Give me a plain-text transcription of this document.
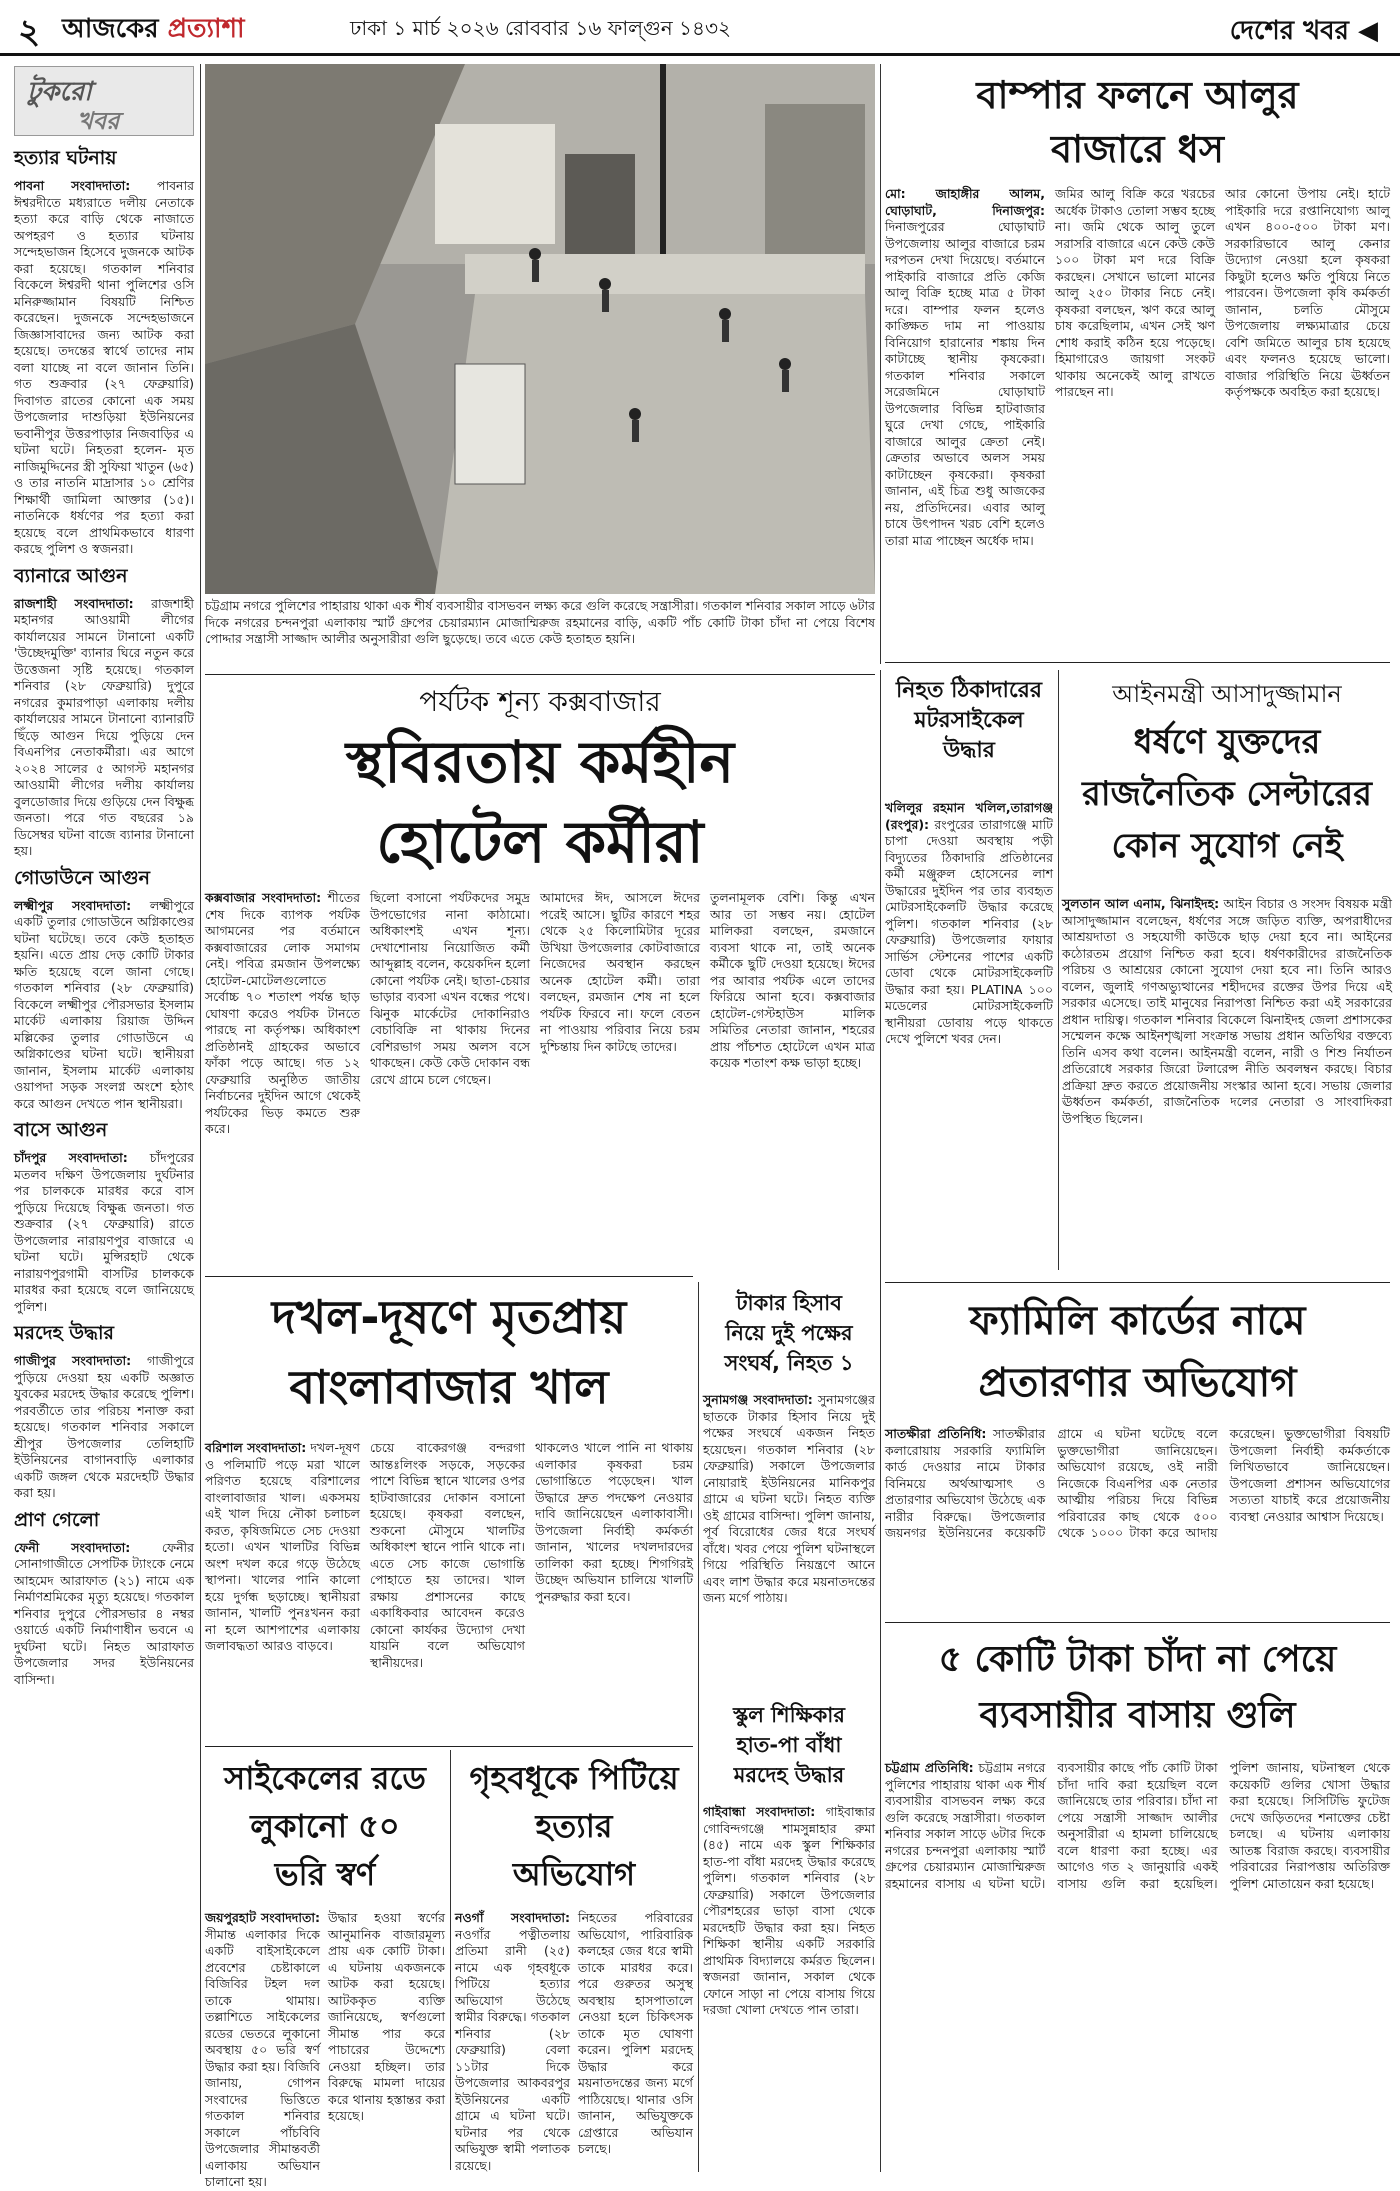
২ আজকের প্রত্যাশা	ঢাকা ১ মার্চ ২০২৬ রোববার ১৬ ফাল্গুন ১৪৩২	দেশের খবর ◀
টুকরো
খবর
হত্যার ঘটনায়
পাবনা সংবাদদাতা: পাবনার ঈশ্বরদীতে মধ্যরাতে দলীয় নেতাকে হত্যা করে বাড়ি থেকে নাজাতে অপহরণ ও হত্যার ঘটনায় সন্দেহভাজন হিসেবে দুজনকে আটক করা হয়েছে। গতকাল শনিবার বিকেলে ঈশ্বরদী থানা পুলিশের ওসি মনিরুজ্জামান বিষয়টি নিশ্চিত করেছেন। দুজনকে সন্দেহভাজনে জিজ্ঞাসাবাদের জন্য আটক করা হয়েছে। তদন্তের স্বার্থে তাদের নাম বলা যাচ্ছে না বলে জানান তিনি। গত শুক্রবার (২৭ ফেব্রুয়ারি) দিবাগত রাতের কোনো এক সময় উপজেলার দাশুড়িয়া ইউনিয়নের ভবানীপুর উত্তরপাড়ার নিজবাড়ির এ ঘটনা ঘটে। নিহতরা হলেন- মৃত নাজিমুদ্দিনের স্ত্রী সুফিয়া খাতুন (৬৫) ও তার নাতনি মাদ্রাসার ১০ শ্রেণির শিক্ষার্থী জামিলা আক্তার (১৫)। নাতনিকে ধর্ষণের পর হত্যা করা হয়েছে বলে প্রাথমিকভাবে ধারণা করছে পুলিশ ও স্বজনরা।
ব্যানারে আগুন
রাজশাহী সংবাদদাতা: রাজশাহী মহানগর আওয়ামী লীগের কার্যালয়ের সামনে টানানো একটি 'উচ্ছেদমুক্তি' ব্যানার ঘিরে নতুন করে উত্তেজনা সৃষ্টি হয়েছে। গতকাল শনিবার (২৮ ফেব্রুয়ারি) দুপুরে নগরের কুমারপাড়া এলাকায় দলীয় কার্যালয়ের সামনে টানানো ব্যানারটি ছিঁড়ে আগুন দিয়ে পুড়িয়ে দেন বিএনপির নেতাকর্মীরা। এর আগে ২০২৪ সালের ৫ আগস্ট মহানগর আওয়ামী লীগের দলীয় কার্যালয় বুলডোজার দিয়ে গুড়িয়ে দেন বিক্ষুব্ধ জনতা। পরে গত বছরের ১৯ ডিসেম্বর ঘটনা বাজে ব্যানার টানানো হয়।
গোডাউনে আগুন
লক্ষ্মীপুর সংবাদদাতা: লক্ষ্মীপুরে একটি তুলার গোডাউনে অগ্নিকাণ্ডের ঘটনা ঘটেছে। তবে কেউ হতাহত হয়নি। এতে প্রায় দেড় কোটি টাকার ক্ষতি হয়েছে বলে জানা গেছে। গতকাল শনিবার (২৮ ফেব্রুয়ারি) বিকেলে লক্ষ্মীপুর পৌরসভার ইসলাম মার্কেট এলাকায় রিয়াজ উদ্দিন মল্লিকের তুলার গোডাউনে এ অগ্নিকাণ্ডের ঘটনা ঘটে। স্থানীয়রা জানান, ইসলাম মার্কেট এলাকায় ওয়াপদা সড়ক সংলগ্ন অংশে হঠাৎ করে আগুন দেখতে পান স্থানীয়রা।
বাসে আগুন
চাঁদপুর সংবাদদাতা: চাঁদপুরের মতলব দক্ষিণ উপজেলায় দুর্ঘটনার পর চালককে মারধর করে বাস পুড়িয়ে দিয়েছে বিক্ষুব্ধ জনতা। গত শুক্রবার (২৭ ফেব্রুয়ারি) রাতে উপজেলার নারায়ণপুর বাজারে এ ঘটনা ঘটে। মুন্সিরহাট থেকে নারায়ণপুরগামী বাসটির চালককে মারধর করা হয়েছে বলে জানিয়েছে পুলিশ।
মরদেহ উদ্ধার
গাজীপুর সংবাদদাতা: গাজীপুরে পুড়িয়ে দেওয়া হয় একটি অজ্ঞাত যুবকের মরদেহ উদ্ধার করেছে পুলিশ। পরবর্তীতে তার পরিচয় শনাক্ত করা হয়েছে। গতকাল শনিবার সকালে শ্রীপুর উপজেলার তেলিহাটি ইউনিয়নের বাগানবাড়ি এলাকার একটি জঙ্গল থেকে মরদেহটি উদ্ধার করা হয়।
প্রাণ গেলো
ফেনী সংবাদদাতা:	ফেনীর সোনাগাজীতে সেপটিক ট্যাংকে নেমে আহমেদ আরাফাত (২১) নামে এক নির্মাণশ্রমিকের মৃত্যু হয়েছে। গতকাল শনিবার দুপুরে পৌরসভার ৪ নম্বর ওয়ার্ডে একটি নির্মাণাধীন ভবনে এ দুর্ঘটনা ঘটে। নিহত আরাফাত উপজেলার সদর ইউনিয়নের বাসিন্দা।
চট্টগ্রাম নগরে পুলিশের পাহারায় থাকা এক শীর্ষ ব্যবসায়ীর বাসভবন লক্ষ্য করে গুলি করেছে সন্ত্রাসীরা। গতকাল শনিবার সকাল সাড়ে ৬টার দিকে নগরের চন্দনপুরা এলাকায় স্মার্ট গ্রুপের চেয়ারম্যান মোজাম্মিরুজ রহমানের বাড়ি, একটি পাঁচ কোটি টাকা চাঁদা না পেয়ে বিশেষ পোদ্দার সন্ত্রাসী সাজ্জাদ আলীর অনুসারীরা গুলি ছুড়েছে। তবে এতে কেউ হতাহত হয়নি।
বাম্পার ফলনে আলুর
বাজারে ধস
মো: জাহাঙ্গীর আলম, ঘোড়াঘাট, দিনাজপুর: দিনাজপুরের ঘোড়াঘাট উপজেলায় আলুর বাজারে চরম দরপতন দেখা দিয়েছে। বর্তমানে পাইকারি বাজারে প্রতি কেজি আলু বিক্রি হচ্ছে মাত্র ৫ টাকা দরে। বাম্পার ফলন হলেও কাঙ্ক্ষিত দাম না পাওয়ায় বিনিয়োগ হারানোর শঙ্কায় দিন কাটাচ্ছে স্থানীয় কৃষকেরা। গতকাল শনিবার সকালে সরেজমিনে ঘোড়াঘাট উপজেলার বিভিন্ন হাটবাজার ঘুরে দেখা গেছে, পাইকারি বাজারে আলুর ক্রেতা নেই। ক্রেতার অভাবে অলস সময় কাটাচ্ছেন কৃষকেরা। কৃষকরা জানান, এই চিত্র শুধু আজকের নয়, প্রতিদিনের। এবার আলু চাষে উৎপাদন খরচ বেশি হলেও তারা মাত্র পাচ্ছেন অর্ধেক দাম।
জমির আলু বিক্রি করে খরচের অর্ধেক টাকাও তোলা সম্ভব হচ্ছে না। জমি থেকে আলু তুলে সরাসরি বাজারে এনে কেউ কেউ ১০০ টাকা মণ দরে বিক্রি করছেন। সেখানে ভালো মানের আলু ২৫০ টাকার নিচে নেই। কৃষকরা বলছেন, ঋণ করে আলু চাষ করেছিলাম, এখন সেই ঋণ শোধ করাই কঠিন হয়ে পড়েছে। হিমাগারেও জায়গা সংকট থাকায় অনেকেই আলু রাখতে পারছেন না।
আর কোনো উপায় নেই। হাটে পাইকারি দরে রপ্তানিযোগ্য আলু এখন ৪০০-৫০০ টাকা মণ। সরকারিভাবে আলু কেনার উদ্যোগ নেওয়া হলে কৃষকরা কিছুটা হলেও ক্ষতি পুষিয়ে নিতে পারবেন। উপজেলা কৃষি কর্মকর্তা জানান, চলতি মৌসুমে উপজেলায় লক্ষ্যমাত্রার চেয়ে বেশি জমিতে আলুর চাষ হয়েছে এবং ফলনও হয়েছে ভালো। বাজার পরিস্থিতি নিয়ে ঊর্ধ্বতন কর্তৃপক্ষকে অবহিত করা হয়েছে।
পর্যটক শূন্য কক্সবাজার
স্থবিরতায় কর্মহীন
হোটেল কর্মীরা
কক্সবাজার সংবাদদাতা: শীতের শেষ দিকে ব্যাপক পর্যটক আগমনের পর বর্তমানে কক্সবাজারের লোক সমাগম নেই। পবিত্র রমজান উপলক্ষ্যে হোটেল-মোটেলগুলোতে সর্বোচ্চ ৭০ শতাংশ পর্যন্ত ছাড় ঘোষণা করেও পর্যটক টানতে পারছে না কর্তৃপক্ষ। অধিকাংশ প্রতিষ্ঠানই গ্রাহকের অভাবে ফাঁকা পড়ে আছে। গত ১২ ফেব্রুয়ারি অনুষ্ঠিত জাতীয় নির্বাচনের দুইদিন আগে থেকেই পর্যটকের ভিড় কমতে শুরু করে।
ছিলো বসানো পর্যটকদের সমুদ্র উপভোগের নানা কাঠামো। অধিকাংশই এখন শূন্য। দেখাশোনায় নিয়োজিত কর্মী আব্দুল্লাহ বলেন, কয়েকদিন হলো কোনো পর্যটক নেই। ছাতা-চেয়ার ভাড়ার ব্যবসা এখন বন্ধের পথে। ঝিনুক মার্কেটের দোকানিরাও বেচাবিক্রি না থাকায় দিনের বেশিরভাগ সময় অলস বসে থাকছেন। কেউ কেউ দোকান বন্ধ রেখে গ্রামে চলে গেছেন।
আমাদের ঈদ, আসলে ঈদের পরেই আসে। ছুটির কারণে শহর থেকে ২৫ কিলোমিটার দূরের উখিয়া উপজেলার কোটবাজারে নিজেদের অবস্থান করছেন অনেক হোটেল কর্মী। তারা বলছেন, রমজান শেষ না হলে পর্যটক ফিরবে না। ফলে বেতন না পাওয়ায় পরিবার নিয়ে চরম দুশ্চিন্তায় দিন কাটছে তাদের।
তুলনামূলক বেশি। কিন্তু এখন আর তা সম্ভব নয়। হোটেল মালিকরা বলছেন, রমজানে ব্যবসা থাকে না, তাই অনেক কর্মীকে ছুটি দেওয়া হয়েছে। ঈদের পর আবার পর্যটক এলে তাদের ফিরিয়ে আনা হবে। কক্সবাজার হোটেল-গেস্টহাউস মালিক সমিতির নেতারা জানান, শহরের প্রায় পাঁচশত হোটেলে এখন মাত্র কয়েক শতাংশ কক্ষ ভাড়া হচ্ছে।
নিহত ঠিকাদারের
মটরসাইকেল
উদ্ধার
খলিলুর রহমান খলিল,তারাগঞ্জ (রংপুর): রংপুরের তারাগঞ্জে মাটি চাপা দেওয়া অবস্থায় পড়ী বিদ্যুতের ঠিকাদারি প্রতিষ্ঠানের কর্মী মঞ্জুরুল হোসেনের লাশ উদ্ধারের দুইদিন পর তার ব্যবহৃত মোটরসাইকেলটি উদ্ধার করেছে পুলিশ। গতকাল শনিবার (২৮ ফেব্রুয়ারি) উপজেলার ফায়ার সার্ভিস স্টেশনের পাশের একটি ডোবা থেকে মোটরসাইকেলটি উদ্ধার করা হয়। PLATINA ১০০ মডেলের মোটরসাইকেলটি স্থানীয়রা ডোবায় পড়ে থাকতে দেখে পুলিশে খবর দেন।
আইনমন্ত্রী আসাদুজ্জামান
ধর্ষণে যুক্তদের
রাজনৈতিক সেল্টারের
কোন সুযোগ নেই
সুলতান আল এনাম, ঝিনাইদহ: আইন বিচার ও সংসদ বিষয়ক মন্ত্রী আসাদুজ্জামান বলেছেন, ধর্ষণের সঙ্গে জড়িত ব্যক্তি, অপরাধীদের আশ্রয়দাতা ও সহযোগী কাউকে ছাড় দেয়া হবে না। আইনের কঠোরতম প্রয়োগ নিশ্চিত করা হবে। ধর্ষণকারীদের রাজনৈতিক পরিচয় ও আশ্রয়ের কোনো সুযোগ দেয়া হবে না। তিনি আরও বলেন, জুলাই গণঅভ্যুত্থানের শহীদদের রক্তের উপর দিয়ে এই সরকার এসেছে। তাই মানুষের নিরাপত্তা নিশ্চিত করা এই সরকারের প্রধান দায়িত্ব। গতকাল শনিবার বিকেলে ঝিনাইদহ জেলা প্রশাসকের সম্মেলন কক্ষে আইনশৃঙ্খলা সংক্রান্ত সভায় প্রধান অতিথির বক্তব্যে তিনি এসব কথা বলেন। আইনমন্ত্রী বলেন, নারী ও শিশু নির্যাতন প্রতিরোধে সরকার জিরো টলারেন্স নীতি অবলম্বন করছে। বিচার প্রক্রিয়া দ্রুত করতে প্রয়োজনীয় সংস্কার আনা হবে। সভায় জেলার ঊর্ধ্বতন কর্মকর্তা, রাজনৈতিক দলের নেতারা ও সাংবাদিকরা উপস্থিত ছিলেন।
দখল-দূষণে মৃতপ্রায়
বাংলাবাজার খাল
বরিশাল সংবাদদাতা: দখল-দূষণ ও পলিমাটি পড়ে মরা খালে পরিণত হয়েছে বরিশালের বাংলাবাজার খাল। একসময় এই খাল দিয়ে নৌকা চলাচল করত, কৃষিজমিতে সেচ দেওয়া হতো। এখন খালটির বিভিন্ন অংশ দখল করে গড়ে উঠেছে স্থাপনা। খালের পানি কালো হয়ে দুর্গন্ধ ছড়াচ্ছে। স্থানীয়রা জানান, খালটি পুনঃখনন করা না হলে আশপাশের এলাকায় জলাবদ্ধতা আরও বাড়বে।
চেয়ে বাকেরগঞ্জ বন্দরগা আন্তঃলিংক সড়কে, সড়কের পাশে বিভিন্ন স্থানে খালের ওপর হাটবাজারের দোকান বসানো হয়েছে। কৃষকরা বলছেন, শুকনো মৌসুমে খালটির অধিকাংশ স্থানে পানি থাকে না। এতে সেচ কাজে ভোগান্তি পোহাতে হয় তাদের। খাল রক্ষায় প্রশাসনের কাছে একাধিকবার আবেদন করেও কোনো কার্যকর উদ্যোগ দেখা যায়নি বলে অভিযোগ স্থানীয়দের।
থাকলেও খালে পানি না থাকায় এলাকার কৃষকরা চরম ভোগান্তিতে পড়েছেন। খাল উদ্ধারে দ্রুত পদক্ষেপ নেওয়ার দাবি জানিয়েছেন এলাকাবাসী। উপজেলা নির্বাহী কর্মকর্তা জানান, খালের দখলদারদের তালিকা করা হচ্ছে। শিগগিরই উচ্ছেদ অভিযান চালিয়ে খালটি পুনরুদ্ধার করা হবে।
টাকার হিসাব
নিয়ে দুই পক্ষের
সংঘর্ষ, নিহত ১
সুনামগঞ্জ সংবাদদাতা: সুনামগঞ্জের ছাতকে টাকার হিসাব নিয়ে দুই পক্ষের সংঘর্ষে একজন নিহত হয়েছেন। গতকাল শনিবার (২৮ ফেব্রুয়ারি) সকালে উপজেলার নোয়ারাই ইউনিয়নের মানিকপুর গ্রামে এ ঘটনা ঘটে। নিহত ব্যক্তি ওই গ্রামের বাসিন্দা। পুলিশ জানায়, পূর্ব বিরোধের জের ধরে সংঘর্ষ বাঁধে। খবর পেয়ে পুলিশ ঘটনাস্থলে গিয়ে পরিস্থিতি নিয়ন্ত্রণে আনে এবং লাশ উদ্ধার করে ময়নাতদন্তের জন্য মর্গে পাঠায়।
স্কুল শিক্ষিকার
হাত-পা বাঁধা
মরদেহ উদ্ধার
গাইবান্ধা সংবাদদাতা: গাইবান্ধার গোবিন্দগঞ্জে শামসুন্নাহার রুমা (৪৫) নামে এক স্কুল শিক্ষিকার হাত-পা বাঁধা মরদেহ উদ্ধার করেছে পুলিশ। গতকাল শনিবার (২৮ ফেব্রুয়ারি) সকালে উপজেলার পৌরশহরের ভাড়া বাসা থেকে মরদেহটি উদ্ধার করা হয়। নিহত শিক্ষিকা স্থানীয় একটি সরকারি প্রাথমিক বিদ্যালয়ে কর্মরত ছিলেন। স্বজনরা জানান, সকাল থেকে ফোনে সাড়া না পেয়ে বাসায় গিয়ে দরজা খোলা দেখতে পান তারা।
ফ্যামিলি কার্ডের নামে
প্রতারণার অভিযোগ
সাতক্ষীরা প্রতিনিধি: সাতক্ষীরার কলারোয়ায় সরকারি ফ্যামিলি কার্ড দেওয়ার নামে টাকার বিনিময়ে অর্থআত্মসাৎ ও প্রতারণার অভিযোগ উঠেছে এক নারীর বিরুদ্ধে। উপজেলার জয়নগর ইউনিয়নের কয়েকটি গ্রামে এ ঘটনা ঘটেছে বলে ভুক্তভোগীরা জানিয়েছেন। অভিযোগ রয়েছে, ওই নারী নিজেকে বিএনপির এক নেতার আত্মীয় পরিচয় দিয়ে বিভিন্ন পরিবারের কাছ থেকে ৫০০ থেকে ১০০০ টাকা করে আদায় করেছেন। ভুক্তভোগীরা বিষয়টি উপজেলা নির্বাহী কর্মকর্তাকে লিখিতভাবে জানিয়েছেন। উপজেলা প্রশাসন অভিযোগের সত্যতা যাচাই করে প্রয়োজনীয় ব্যবস্থা নেওয়ার আশ্বাস দিয়েছে।
সাইকেলের রডে
লুকানো ৫০
ভরি স্বর্ণ
জয়পুরহাট সংবাদদাতা: সীমান্ত এলাকার দিকে একটি বাইসাইকেলে প্রবেশের চেষ্টাকালে বিজিবির টহল দল তাকে থামায়। তল্লাশিতে সাইকেলের রডের ভেতরে লুকানো অবস্থায় ৫০ ভরি স্বর্ণ উদ্ধার করা হয়। বিজিবি জানায়, গোপন সংবাদের ভিত্তিতে গতকাল শনিবার সকালে পাঁচবিবি উপজেলার সীমান্তবর্তী এলাকায় অভিযান চালানো হয়।
উদ্ধার হওয়া স্বর্ণের আনুমানিক বাজারমূল্য প্রায় এক কোটি টাকা। এ ঘটনায় একজনকে আটক করা হয়েছে। আটককৃত ব্যক্তি জানিয়েছে, স্বর্ণগুলো সীমান্ত পার করে পাচারের উদ্দেশ্যে নেওয়া হচ্ছিল। তার বিরুদ্ধে মামলা দায়ের করে থানায় হস্তান্তর করা হয়েছে।
গৃহবধূকে পিটিয়ে
হত্যার
অভিযোগ
নওগাঁ সংবাদদাতা: নওগাঁর পত্নীতলায় প্রতিমা রানী (২৫) নামে এক গৃহবধূকে পিটিয়ে হত্যার অভিযোগ উঠেছে স্বামীর বিরুদ্ধে। গতকাল শনিবার (২৮ ফেব্রুয়ারি) বেলা ১১টার দিকে উপজেলার আকবরপুর ইউনিয়নের একটি গ্রামে এ ঘটনা ঘটে। ঘটনার পর থেকে অভিযুক্ত স্বামী পলাতক রয়েছে।
নিহতের পরিবারের অভিযোগ, পারিবারিক কলহের জের ধরে স্বামী তাকে মারধর করে। পরে গুরুতর অসুস্থ অবস্থায় হাসপাতালে নেওয়া হলে চিকিৎসক তাকে মৃত ঘোষণা করেন। পুলিশ মরদেহ উদ্ধার করে ময়নাতদন্তের জন্য মর্গে পাঠিয়েছে। থানার ওসি জানান, অভিযুক্তকে গ্রেপ্তারে অভিযান চলছে।
৫ কোটি টাকা চাঁদা না পেয়ে
ব্যবসায়ীর বাসায় গুলি
চট্টগ্রাম প্রতিনিধি: চট্টগ্রাম নগরে পুলিশের পাহারায় থাকা এক শীর্ষ ব্যবসায়ীর বাসভবন লক্ষ্য করে গুলি করেছে সন্ত্রাসীরা। গতকাল শনিবার সকাল সাড়ে ৬টার দিকে নগরের চন্দনপুরা এলাকায় স্মার্ট গ্রুপের চেয়ারম্যান মোজাম্মিরুজ রহমানের বাসায় এ ঘটনা ঘটে। ব্যবসায়ীর কাছে পাঁচ কোটি টাকা চাঁদা দাবি করা হয়েছিল বলে জানিয়েছে তার পরিবার। চাঁদা না পেয়ে সন্ত্রাসী সাজ্জাদ আলীর অনুসারীরা এ হামলা চালিয়েছে বলে ধারণা করা হচ্ছে। এর আগেও গত ২ জানুয়ারি একই বাসায় গুলি করা হয়েছিল। পুলিশ জানায়, ঘটনাস্থল থেকে কয়েকটি গুলির খোসা উদ্ধার করা হয়েছে। সিসিটিভি ফুটেজ দেখে জড়িতদের শনাক্তের চেষ্টা চলছে। এ ঘটনায় এলাকায় আতঙ্ক বিরাজ করছে। ব্যবসায়ীর পরিবারের নিরাপত্তায় অতিরিক্ত পুলিশ মোতায়েন করা হয়েছে।
